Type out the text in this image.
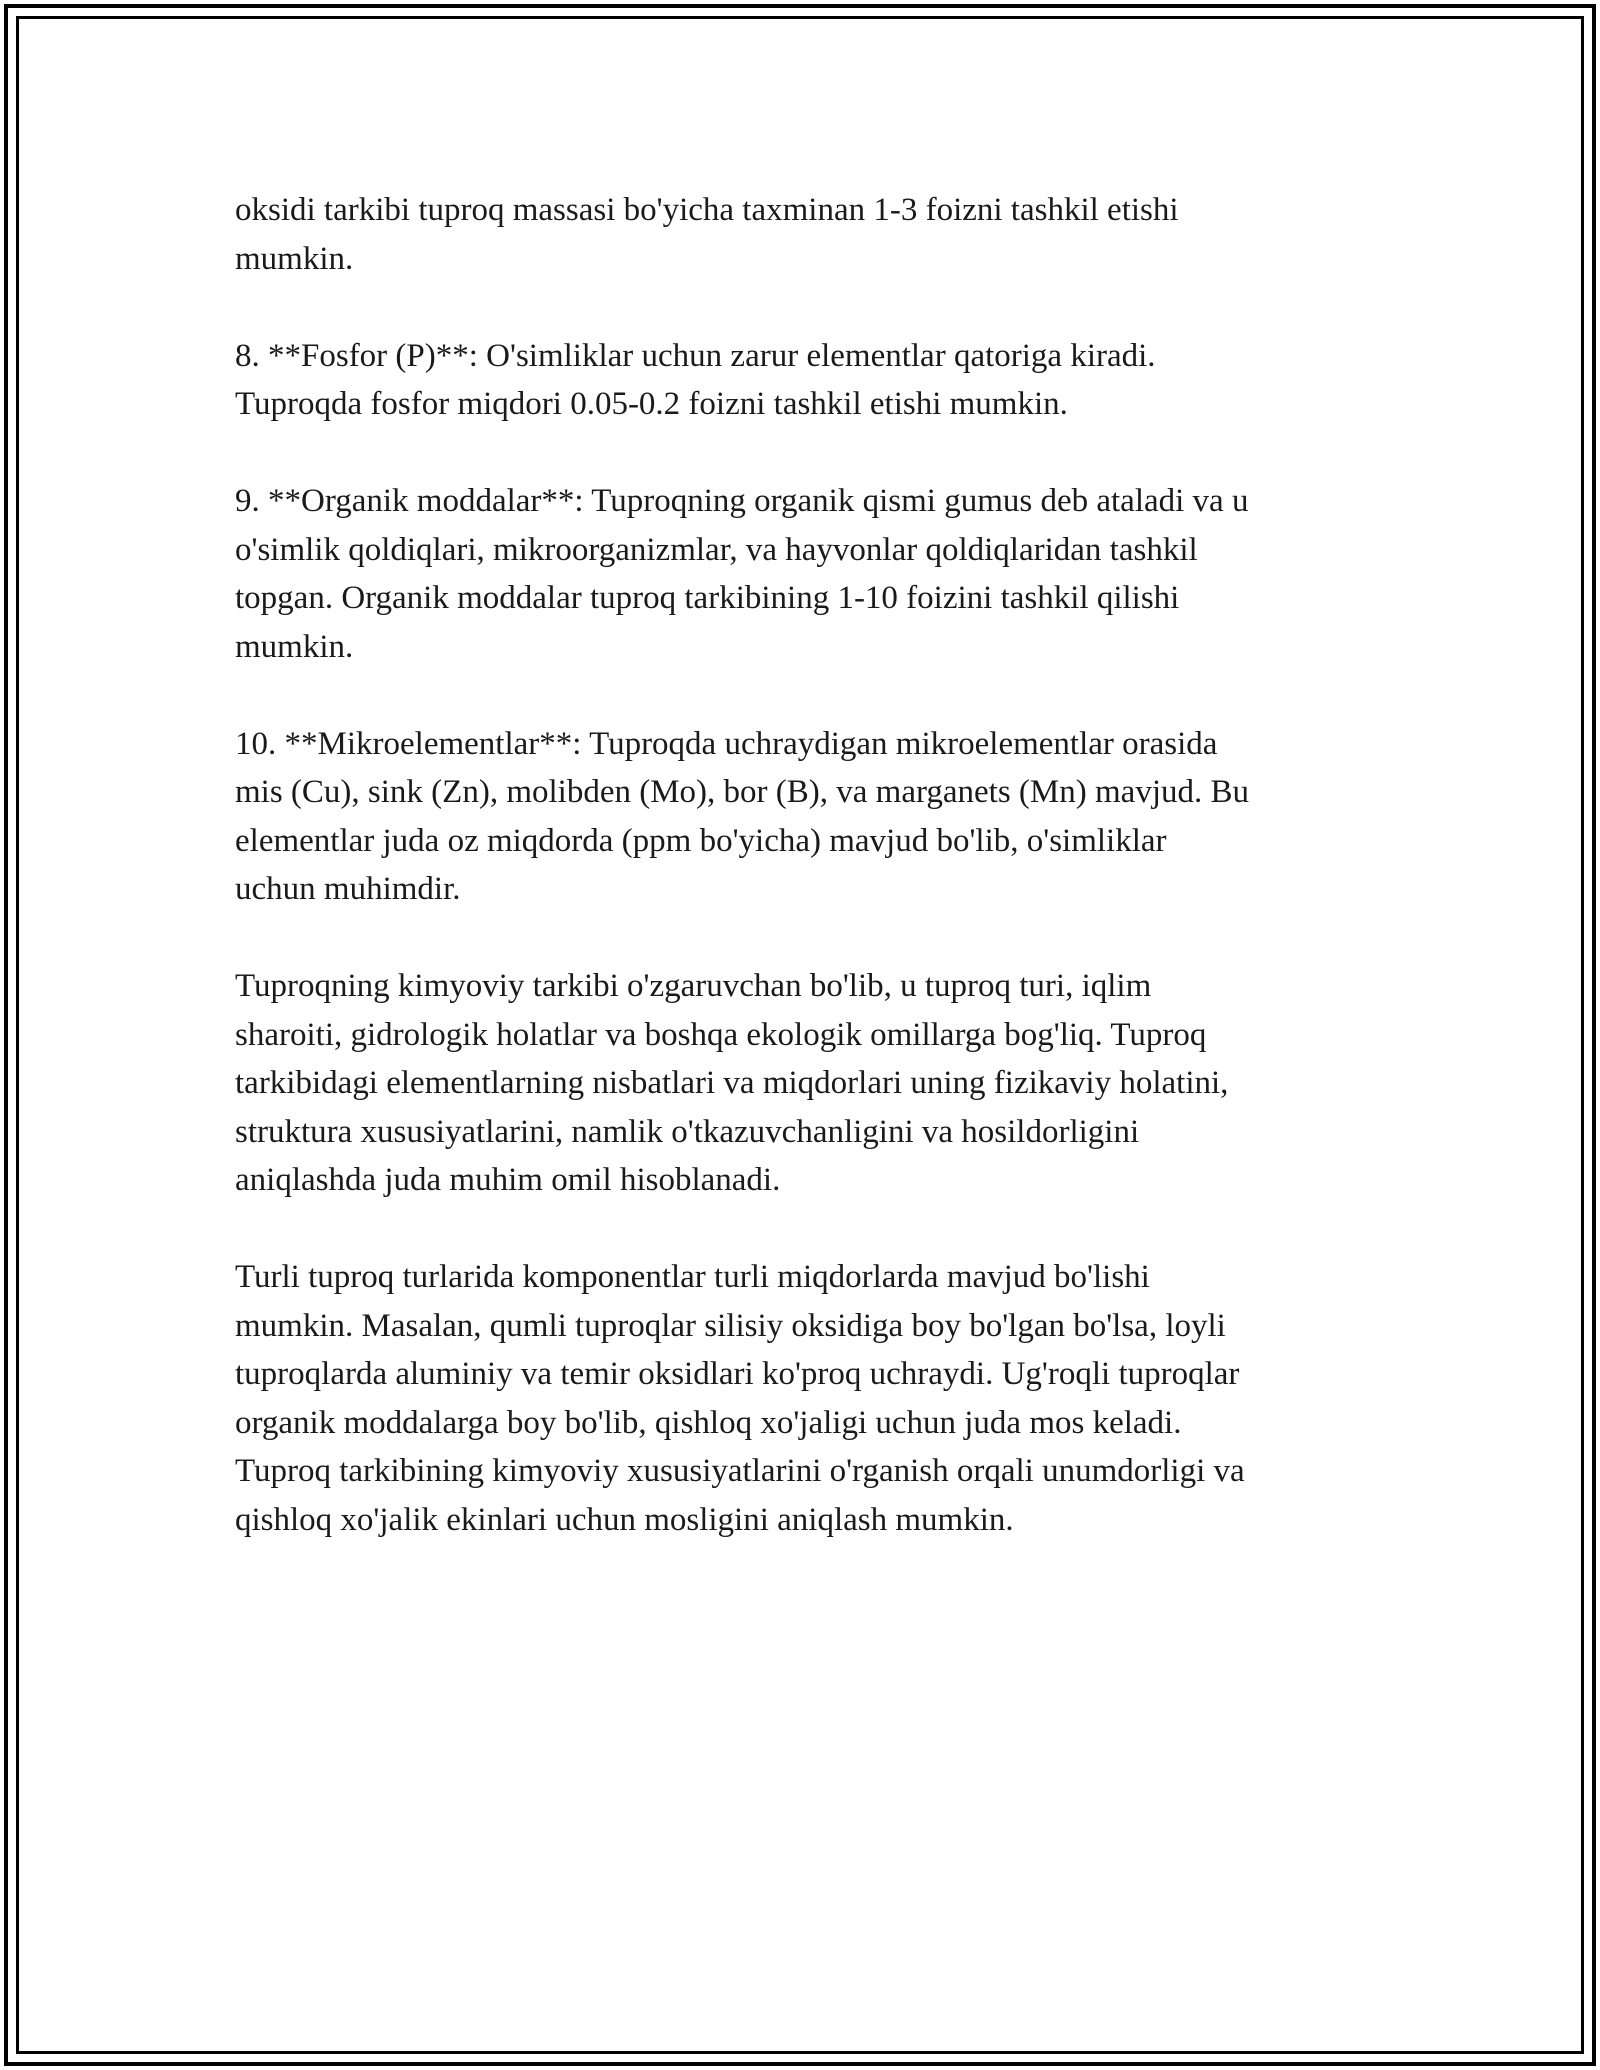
oksidi tarkibi tuproq massasi bo'yicha taxminan 1-3 foizni tashkil etishi
mumkin.

8. **Fosfor (P)**: O'simliklar uchun zarur elementlar qatoriga kiradi.
Tuproqda fosfor miqdori 0.05-0.2 foizni tashkil etishi mumkin.

9. **Organik moddalar**: Tuproqning organik qismi gumus deb ataladi va u
o'simlik qoldiqlari, mikroorganizmlar, va hayvonlar qoldiqlaridan tashkil
topgan. Organik moddalar tuproq tarkibining 1-10 foizini tashkil qilishi
mumkin.

10. **Mikroelementlar**: Tuproqda uchraydigan mikroelementlar orasida
mis (Cu), sink (Zn), molibden (Mo), bor (B), va marganets (Mn) mavjud. Bu
elementlar juda oz miqdorda (ppm bo'yicha) mavjud bo'lib, o'simliklar
uchun muhimdir.

Tuproqning kimyoviy tarkibi o'zgaruvchan bo'lib, u tuproq turi, iqlim
sharoiti, gidrologik holatlar va boshqa ekologik omillarga bog'liq. Tuproq
tarkibidagi elementlarning nisbatlari va miqdorlari uning fizikaviy holatini,
struktura xususiyatlarini, namlik o'tkazuvchanligini va hosildorligini
aniqlashda juda muhim omil hisoblanadi.

Turli tuproq turlarida komponentlar turli miqdorlarda mavjud bo'lishi
mumkin. Masalan, qumli tuproqlar silisiy oksidiga boy bo'lgan bo'lsa, loyli
tuproqlarda aluminiy va temir oksidlari ko'proq uchraydi. Ug'roqli tuproqlar
organik moddalarga boy bo'lib, qishloq xo'jaligi uchun juda mos keladi.
Tuproq tarkibining kimyoviy xususiyatlarini o'rganish orqali unumdorligi va
qishloq xo'jalik ekinlari uchun mosligini aniqlash mumkin.
